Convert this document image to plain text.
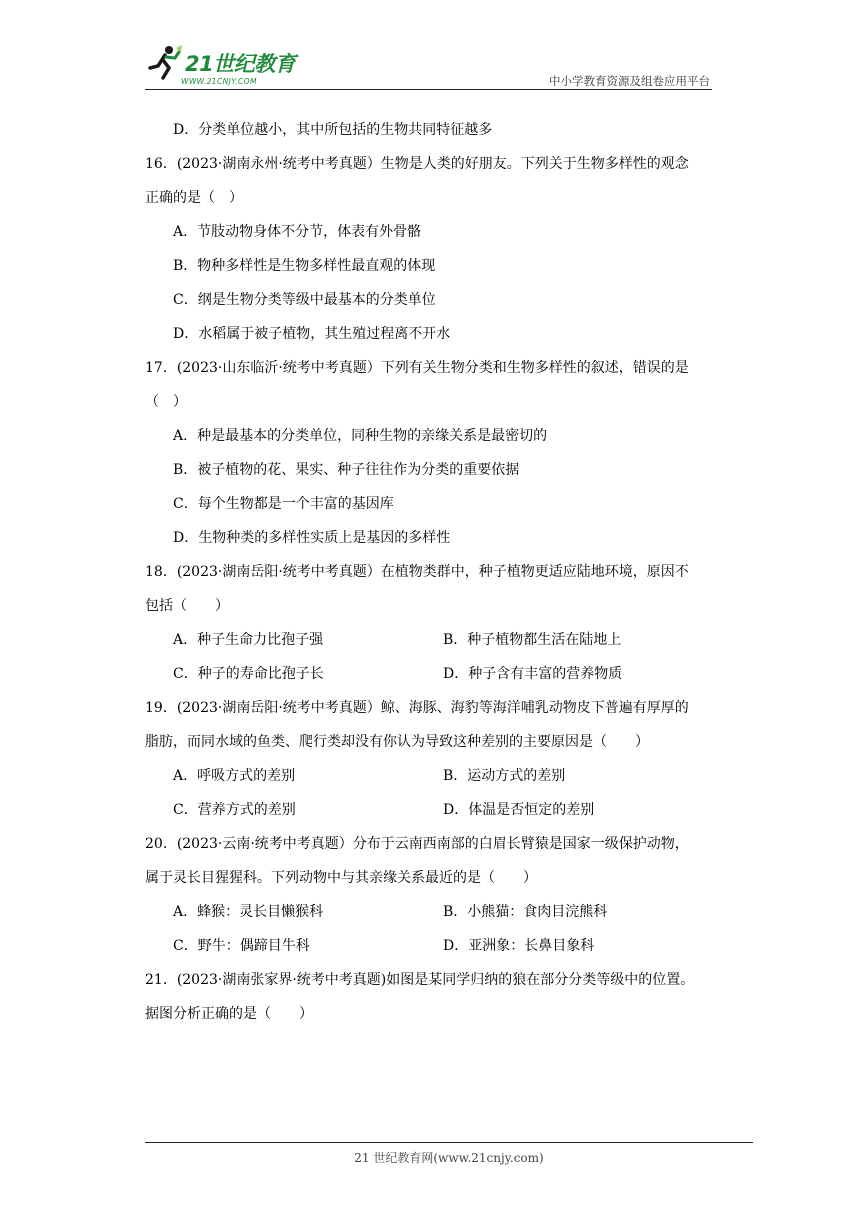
21世纪教育
WWW.21CNJY.COM	中小学教育资源及组卷应用平台
D．分类单位越小，其中所包括的生物共同特征越多
16．(2023·湖南永州·统考中考真题）生物是人类的好朋友。下列关于生物多样性的观念
正确的是（　）
A．节肢动物身体不分节，体表有外骨骼
B．物种多样性是生物多样性最直观的体现
C．纲是生物分类等级中最基本的分类单位
D．水稻属于被子植物，其生殖过程离不开水
17．(2023·山东临沂·统考中考真题）下列有关生物分类和生物多样性的叙述，错误的是
（　）
A．种是最基本的分类单位，同种生物的亲缘关系是最密切的
B．被子植物的花、果实、种子往往作为分类的重要依据
C．每个生物都是一个丰富的基因库
D．生物种类的多样性实质上是基因的多样性
18．(2023·湖南岳阳·统考中考真题）在植物类群中，种子植物更适应陆地环境，原因不
包括（　　）
A．种子生命力比孢子强	B．种子植物都生活在陆地上
C．种子的寿命比孢子长	D．种子含有丰富的营养物质
19．(2023·湖南岳阳·统考中考真题）鲸、海豚、海豹等海洋哺乳动物皮下普遍有厚厚的
脂肪，而同水域的鱼类、爬行类却没有你认为导致这种差别的主要原因是（　　）
A．呼吸方式的差别	B．运动方式的差别
C．营养方式的差别	D．体温是否恒定的差别
20．(2023·云南·统考中考真题）分布于云南西南部的白眉长臂猿是国家一级保护动物，
属于灵长目猩猩科。下列动物中与其亲缘关系最近的是（　　）
A．蜂猴：灵长目懒猴科	B．小熊猫：食肉目浣熊科
C．野牛：偶蹄目牛科	D．亚洲象：长鼻目象科
21．(2023·湖南张家界·统考中考真题)如图是某同学归纳的狼在部分分类等级中的位置。
据图分析正确的是（　　）
21 世纪教育网(www.21cnjy.com)
